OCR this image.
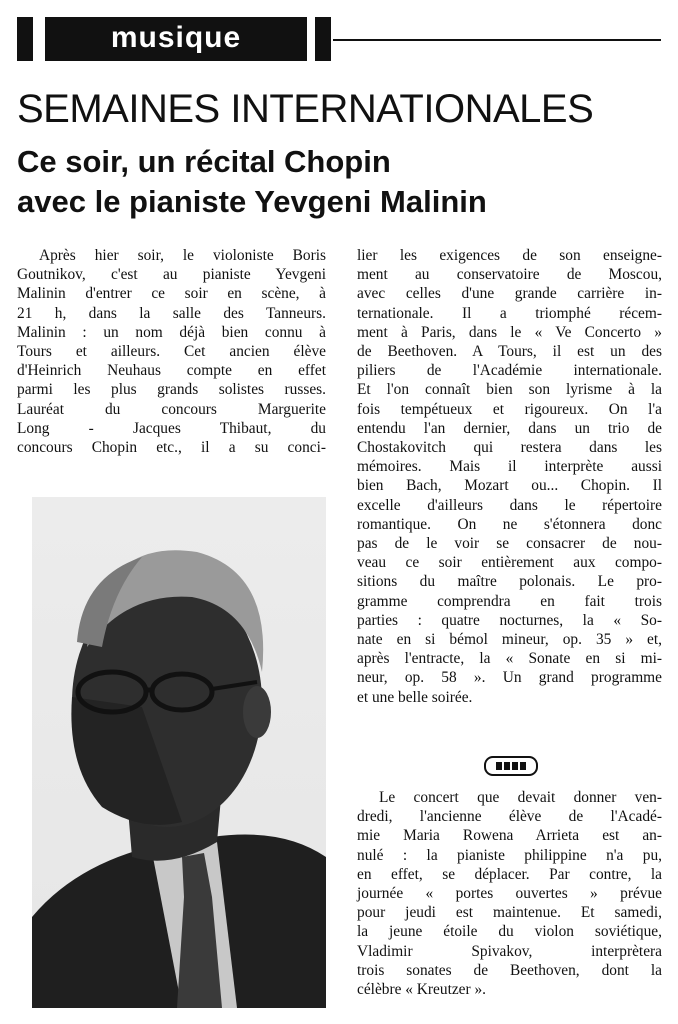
musique
SEMAINES INTERNATIONALES
Ce soir, un récital Chopin
avec le pianiste Yevgeni Malinin
Après hier soir, le violoniste Boris
Goutnikov, c'est au pianiste Yevgeni
Malinin d'entrer ce soir en scène, à
21 h, dans la salle des Tanneurs.
Malinin : un nom déjà bien connu à
Tours et ailleurs. Cet ancien élève
d'Heinrich Neuhaus compte en effet
parmi les plus grands solistes russes.
Lauréat du concours Marguerite
Long - Jacques Thibaut, du
concours Chopin etc., il a su conci-
lier les exigences de son enseigne-
ment au conservatoire de Moscou,
avec celles d'une grande carrière in-
ternationale. Il a triomphé récem-
ment à Paris, dans le « Ve Concerto »
de Beethoven. A Tours, il est un des
piliers de l'Académie internationale.
Et l'on connaît bien son lyrisme à la
fois tempétueux et rigoureux. On l'a
entendu l'an dernier, dans un trio de
Chostakovitch qui restera dans les
mémoires. Mais il interprète aussi
bien Bach, Mozart ou... Chopin. Il
excelle d'ailleurs dans le répertoire
romantique. On ne s'étonnera donc
pas de le voir se consacrer de nou-
veau ce soir entièrement aux compo-
sitions du maître polonais. Le pro-
gramme comprendra en fait trois
parties : quatre nocturnes, la « So-
nate en si bémol mineur, op. 35 » et,
après l'entracte, la « Sonate en si mi-
neur, op. 58 ». Un grand programme
et une belle soirée.
Le concert que devait donner ven-
dredi, l'ancienne élève de l'Acadé-
mie Maria Rowena Arrieta est an-
nulé : la pianiste philippine n'a pu,
en effet, se déplacer. Par contre, la
journée « portes ouvertes » prévue
pour jeudi est maintenue. Et samedi,
la jeune étoile du violon soviétique,
Vladimir Spivakov, interprètera
trois sonates de Beethoven, dont la
célèbre « Kreutzer ».
